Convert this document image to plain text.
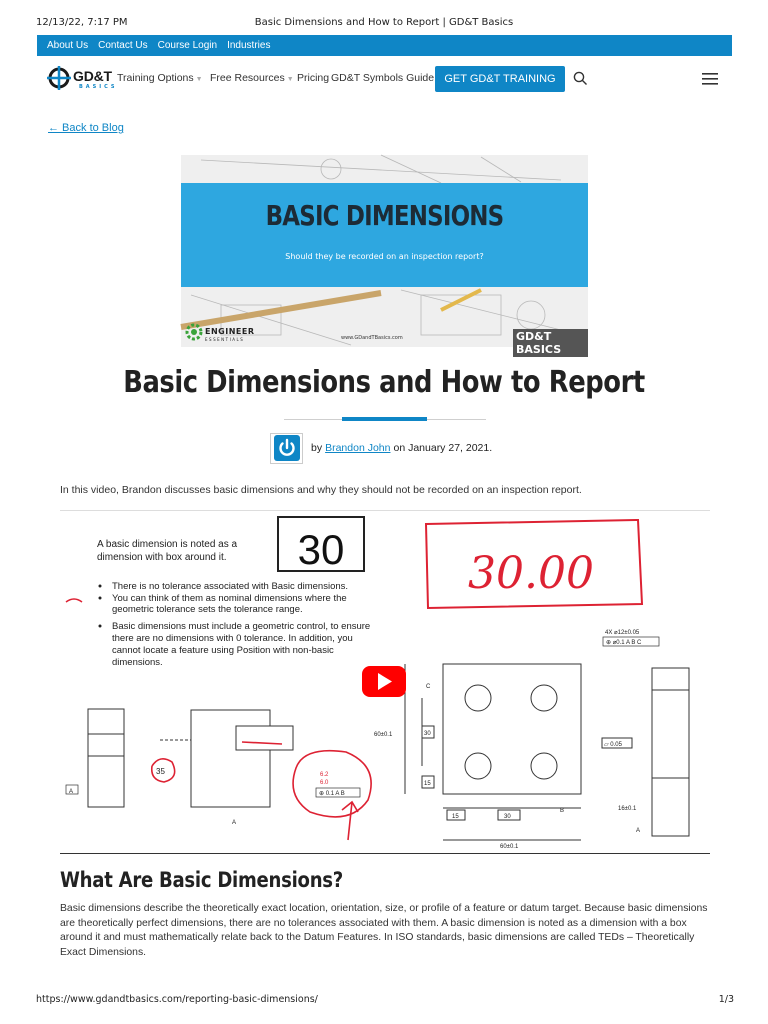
12/13/22, 7:17 PM	Basic Dimensions and How to Report | GD&T Basics
About Us Contact Us Course Login Industries
GD&T
BASICS
Training Options ▼ Free Resources ▼ Pricing GD&T Symbols Guide GET GD&T TRAINING
← Back to Blog
BASIC DIMENSIONS
Should they be recorded on an inspection report?
ENGINEER
ESSENTIALS	www.GDandTBasics.com	GD&T BASICS
Basic Dimensions and How to Report
by Brandon John on January 27, 2021.

In this video, Brandon discusses basic dimensions and why they should not be recorded on an inspection report.

A basic dimension is noted as a
dimension with box around it. 30	30.00
There is no tolerance associated with Basic dimensions.
You can think of them as nominal dimensions where the
geometric tolerance sets the tolerance range.
Basic dimensions must include a geometric control, to ensure
there are no dimensions with 0 tolerance. In addition, you
cannot locate a feature using Position with non-basic
dimensions.
4X ⌀12±0.05
⊕ ⌀0.1 A B C
60±0.1	30
15
15	30
60±0.1
⏥ 0.05
16±0.1
A
B
C
A
A
6.2
6.0
⊕ 0.1 A B
35
What Are Basic Dimensions?

Basic dimensions describe the theoretically exact location, orientation, size, or profile of a feature or datum target. Because basic dimensions are theoretically perfect dimensions, there are no tolerances associated with them. A basic dimension is noted as a dimension with a box around it and must mathematically relate back to the Datum Features. In ISO standards, basic dimensions are called TEDs – Theoretically Exact Dimensions.

https://www.gdandtbasics.com/reporting-basic-dimensions/	1/3
